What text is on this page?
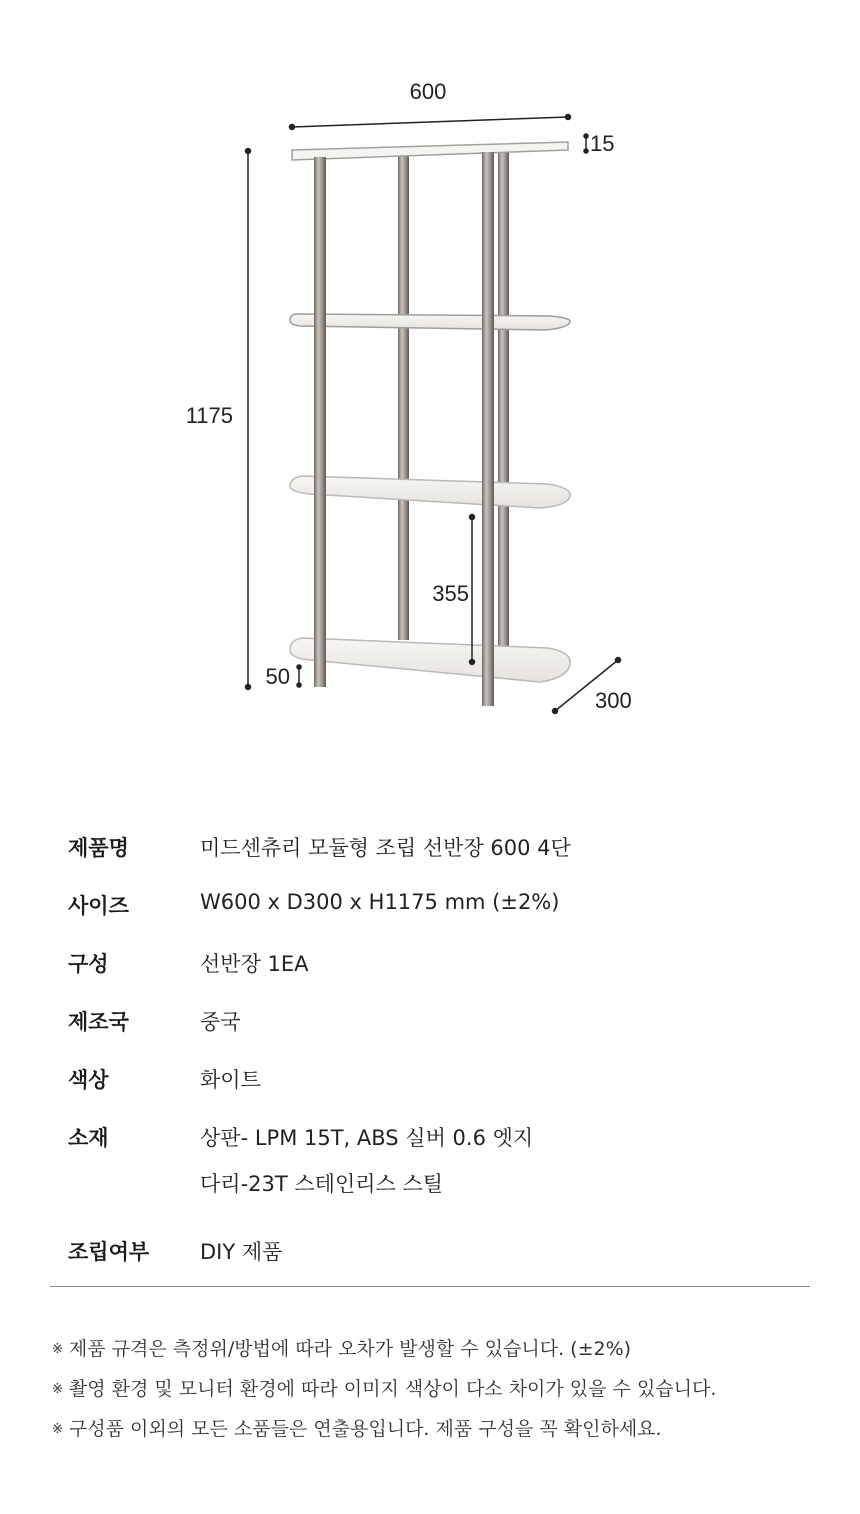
600
15
1175
355
50
300
제품명	미드센츄리 모듈형 조립 선반장 600 4단
사이즈	W600 x D300 x H1175 mm (±2%)
구성	선반장 1EA
제조국	중국
색상	화이트
소재	상판- LPM 15T, ABS 실버 0.6 엣지
다리-23T 스테인리스 스틸
조립여부 DIY 제품
※ 제품 규격은 측정위/방법에 따라 오차가 발생할 수 있습니다. (±2%)
※ 촬영 환경 및 모니터 환경에 따라 이미지 색상이 다소 차이가 있을 수 있습니다.
※ 구성품 이외의 모든 소품들은 연출용입니다. 제품 구성을 꼭 확인하세요.
